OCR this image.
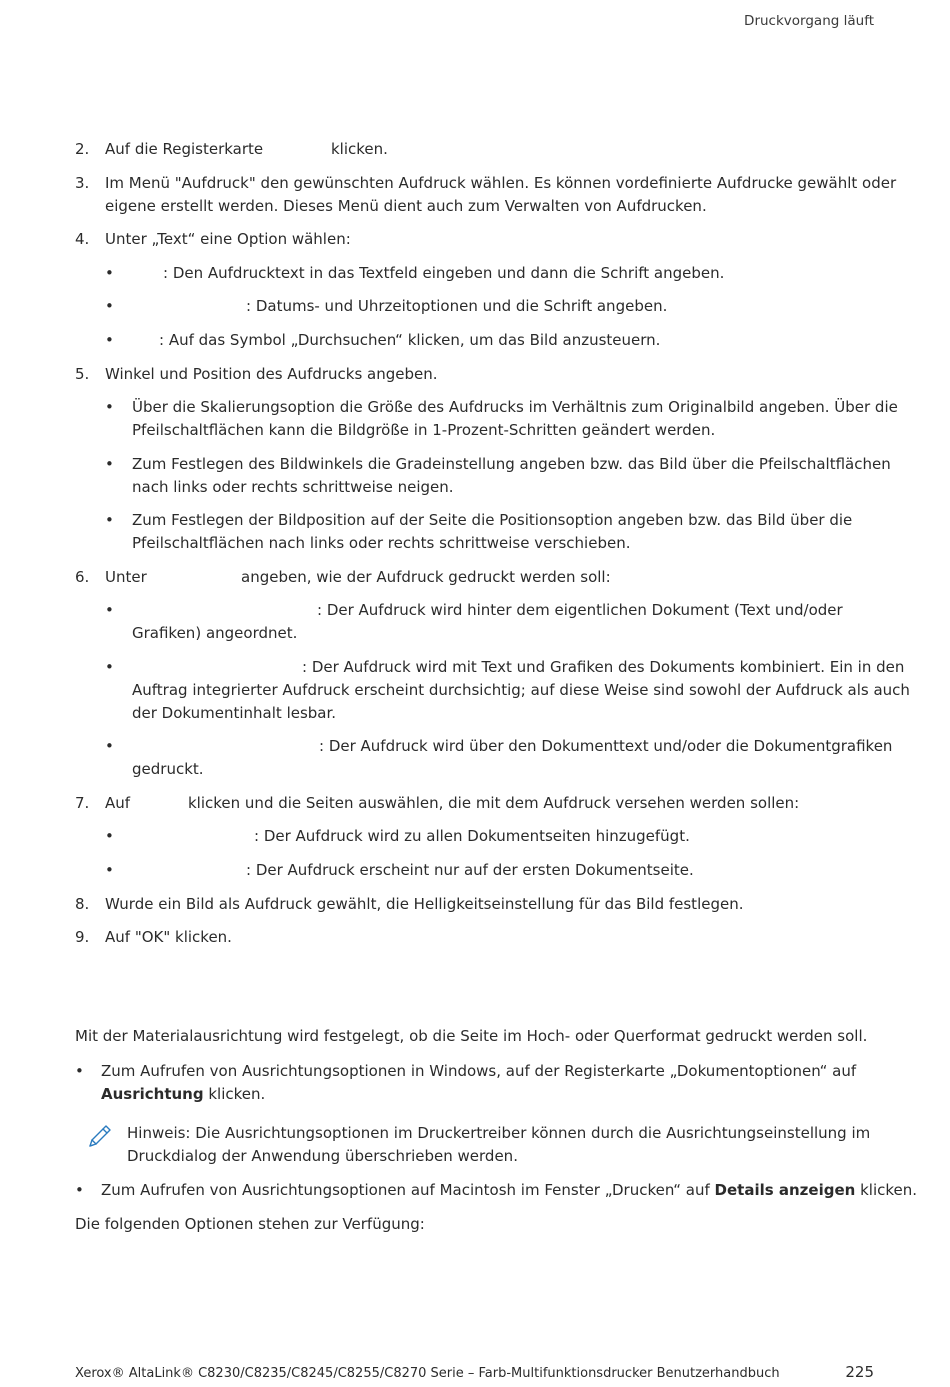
Druckvorgang läuft
2. Auf die Registerkarte	klicken.
3. Im Menü "Aufdruck" den gewünschten Aufdruck wählen. Es können vordefinierte Aufdrucke gewählt oder
eigene erstellt werden. Dieses Menü dient auch zum Verwalten von Aufdrucken.
4. Unter „Text“ eine Option wählen:
•	: Den Aufdrucktext in das Textfeld eingeben und dann die Schrift angeben.
•	: Datums- und Uhrzeitoptionen und die Schrift angeben.
•	: Auf das Symbol „Durchsuchen“ klicken, um das Bild anzusteuern.
5. Winkel und Position des Aufdrucks angeben.
• Über die Skalierungsoption die Größe des Aufdrucks im Verhältnis zum Originalbild angeben. Über die
Pfeilschaltflächen kann die Bildgröße in 1-Prozent-Schritten geändert werden.
• Zum Festlegen des Bildwinkels die Gradeinstellung angeben bzw. das Bild über die Pfeilschaltflächen
nach links oder rechts schrittweise neigen.
• Zum Festlegen der Bildposition auf der Seite die Positionsoption angeben bzw. das Bild über die
Pfeilschaltflächen nach links oder rechts schrittweise verschieben.
6. Unter	angeben, wie der Aufdruck gedruckt werden soll:
•	: Der Aufdruck wird hinter dem eigentlichen Dokument (Text und/oder
Grafiken) angeordnet.
•	: Der Aufdruck wird mit Text und Grafiken des Dokuments kombiniert. Ein in den
Auftrag integrierter Aufdruck erscheint durchsichtig; auf diese Weise sind sowohl der Aufdruck als auch
der Dokumentinhalt lesbar.
•	: Der Aufdruck wird über den Dokumenttext und/oder die Dokumentgrafiken
gedruckt.
7. Auf	klicken und die Seiten auswählen, die mit dem Aufdruck versehen werden sollen:
•	: Der Aufdruck wird zu allen Dokumentseiten hinzugefügt.
•	: Der Aufdruck erscheint nur auf der ersten Dokumentseite.
8. Wurde ein Bild als Aufdruck gewählt, die Helligkeitseinstellung für das Bild festlegen.
9. Auf "OK" klicken.
Mit der Materialausrichtung wird festgelegt, ob die Seite im Hoch- oder Querformat gedruckt werden soll.
• Zum Aufrufen von Ausrichtungsoptionen in Windows, auf der Registerkarte „Dokumentoptionen“ auf
Ausrichtung klicken.
Hinweis: Die Ausrichtungsoptionen im Druckertreiber können durch die Ausrichtungseinstellung im
Druckdialog der Anwendung überschrieben werden.
• Zum Aufrufen von Ausrichtungsoptionen auf Macintosh im Fenster „Drucken“ auf Details anzeigen klicken.
Die folgenden Optionen stehen zur Verfügung:
Xerox® AltaLink® C8230/C8235/C8245/C8255/C8270 Serie – Farb-Multifunktionsdrucker Benutzerhandbuch	225
